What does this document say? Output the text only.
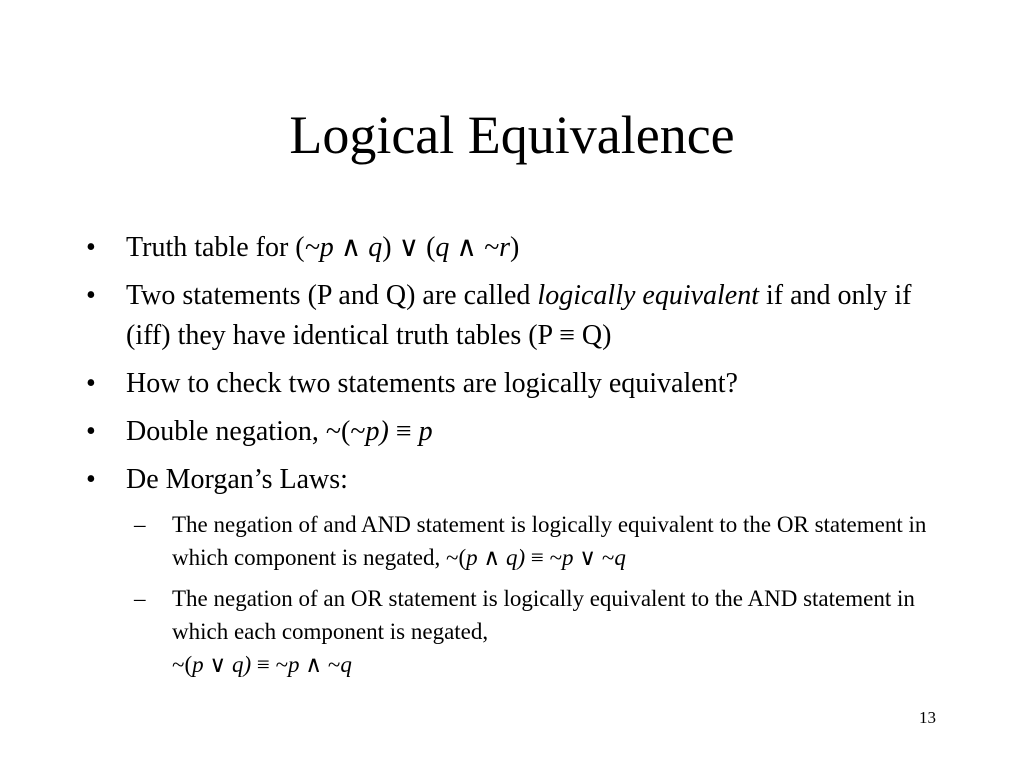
Logical Equivalence
•	Truth table for (~p ∧ q) ∨ (q ∧ ~r)
•	Two statements (P and Q) are called logically equivalent if and only if (iff) they have identical truth tables (P ≡ Q)
•	How to check two statements are logically equivalent?
•	Double negation, ~(~p) ≡ p
•	De Morgan’s Laws:
– The negation of and AND statement is logically equivalent to the OR statement in which component is negated, ~(p ∧ q) ≡ ~p ∨ ~q
– The negation of an OR statement is logically equivalent to the AND statement in which each component is negated,
~(p ∨ q) ≡ ~p ∧ ~q
13
